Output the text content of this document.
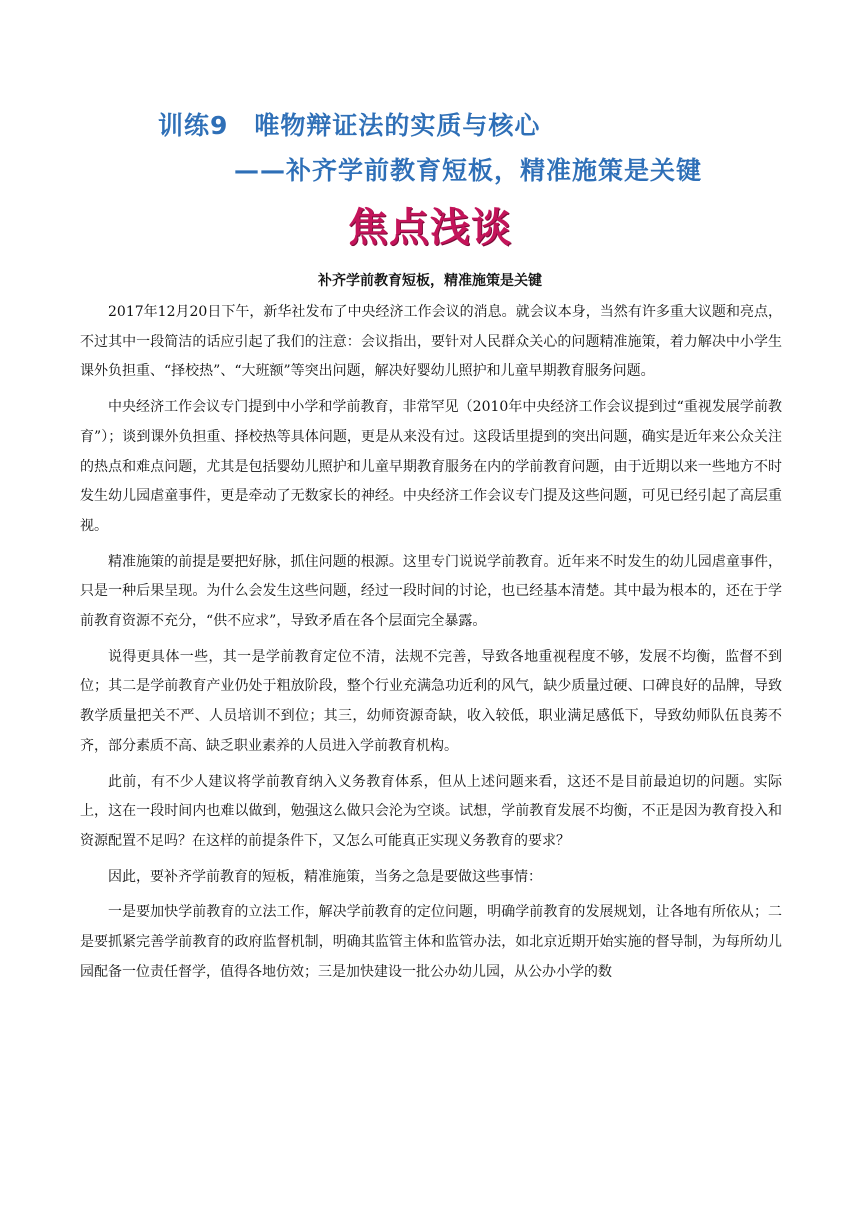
训练9　唯物辩证法的实质与核心
——补齐学前教育短板，精准施策是关键
焦点浅谈
补齐学前教育短板，精准施策是关键

2017年12月20日下午，新华社发布了中央经济工作会议的消息。就会议本身，当然有许多重大议题和亮点，不过其中一段简洁的话应引起了我们的注意：会议指出，要针对人民群众关心的问题精准施策，着力解决中小学生课外负担重、“择校热”、“大班额”等突出问题，解决好婴幼儿照护和儿童早期教育服务问题。

中央经济工作会议专门提到中小学和学前教育，非常罕见（2010年中央经济工作会议提到过“重视发展学前教育”）；谈到课外负担重、择校热等具体问题，更是从来没有过。这段话里提到的突出问题，确实是近年来公众关注的热点和难点问题，尤其是包括婴幼儿照护和儿童早期教育服务在内的学前教育问题，由于近期以来一些地方不时发生幼儿园虐童事件，更是牵动了无数家长的神经。中央经济工作会议专门提及这些问题，可见已经引起了高层重视。

精准施策的前提是要把好脉，抓住问题的根源。这里专门说说学前教育。近年来不时发生的幼儿园虐童事件，只是一种后果呈现。为什么会发生这些问题，经过一段时间的讨论，也已经基本清楚。其中最为根本的，还在于学前教育资源不充分，“供不应求”，导致矛盾在各个层面完全暴露。

说得更具体一些，其一是学前教育定位不清，法规不完善，导致各地重视程度不够，发展不均衡，监督不到位；其二是学前教育产业仍处于粗放阶段，整个行业充满急功近利的风气，缺少质量过硬、口碑良好的品牌，导致教学质量把关不严、人员培训不到位；其三，幼师资源奇缺，收入较低，职业满足感低下，导致幼师队伍良莠不齐，部分素质不高、缺乏职业素养的人员进入学前教育机构。

此前，有不少人建议将学前教育纳入义务教育体系，但从上述问题来看，这还不是目前最迫切的问题。实际上，这在一段时间内也难以做到，勉强这么做只会沦为空谈。试想，学前教育发展不均衡，不正是因为教育投入和资源配置不足吗？在这样的前提条件下，又怎么可能真正实现义务教育的要求？

因此，要补齐学前教育的短板，精准施策，当务之急是要做这些事情：

一是要加快学前教育的立法工作，解决学前教育的定位问题，明确学前教育的发展规划，让各地有所依从；二是要抓紧完善学前教育的政府监督机制，明确其监管主体和监管办法，如北京近期开始实施的督导制，为每所幼儿园配备一位责任督学，值得各地仿效；三是加快建设一批公办幼儿园，从公办小学的数
